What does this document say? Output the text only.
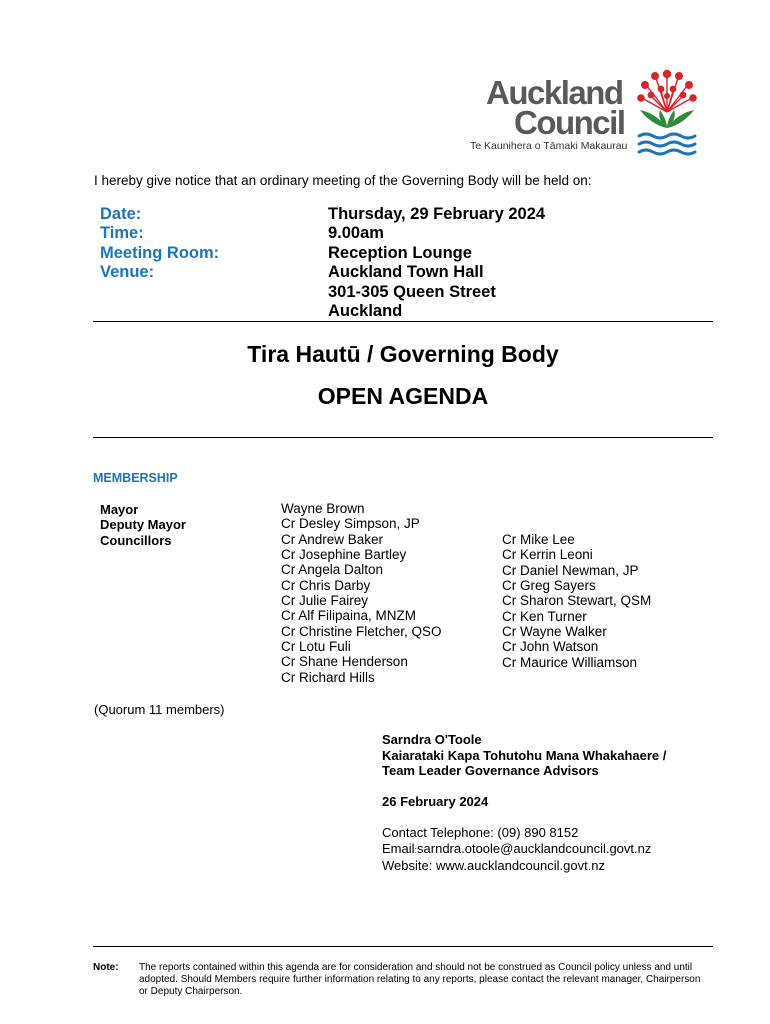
Auckland
Council
Te Kaunihera o Tāmaki Makaurau
I hereby give notice that an ordinary meeting of the Governing Body will be held on:
Date:
Time:
Meeting Room:
Venue:
Thursday, 29 February 2024
9.00am
Reception Lounge
Auckland Town Hall
301-305 Queen Street
Auckland
Tira Hautū / Governing Body
OPEN AGENDA
MEMBERSHIP
Mayor
Deputy Mayor
Councillors
Wayne Brown
Cr Desley Simpson, JP
Cr Andrew Baker
Cr Josephine Bartley
Cr Angela Dalton
Cr Chris Darby
Cr Julie Fairey
Cr Alf Filipaina, MNZM
Cr Christine Fletcher, QSO
Cr Lotu Fuli
Cr Shane Henderson
Cr Richard Hills
Cr Mike Lee
Cr Kerrin Leoni
Cr Daniel Newman, JP
Cr Greg Sayers
Cr Sharon Stewart, QSM
Cr Ken Turner
Cr Wayne Walker
Cr John Watson
Cr Maurice Williamson
(Quorum 11 members)
Sarndra O'Toole
Kaiarataki Kapa Tohutohu Mana Whakahaere /
Team Leader Governance Advisors
26 February 2024
Contact Telephone: (09) 890 8152
Email:sarndra.otoole@aucklandcouncil.govt.nz
Website: www.aucklandcouncil.govt.nz
Note: The reports contained within this agenda are for consideration and should not be construed as Council policy unless and until adopted. Should Members require further information relating to any reports, please contact the relevant manager, Chairperson or Deputy Chairperson.
